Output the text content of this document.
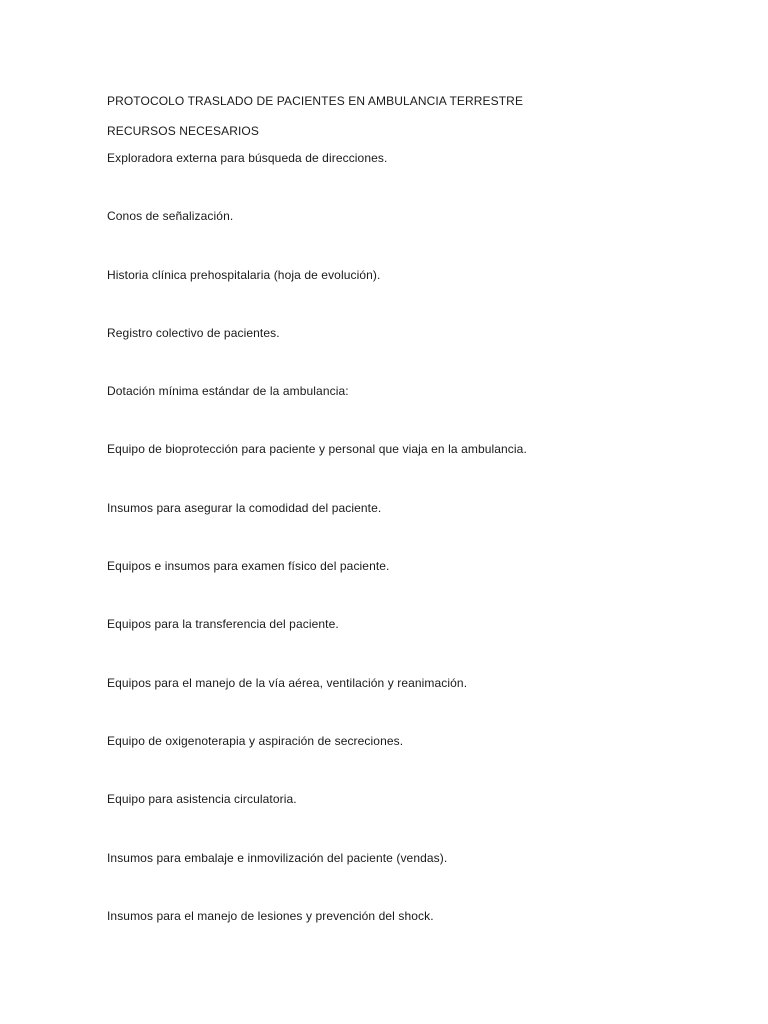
PROTOCOLO TRASLADO DE PACIENTES EN AMBULANCIA TERRESTRE
RECURSOS NECESARIOS
Exploradora externa para búsqueda de direcciones.
Conos de señalización.
Historia clínica prehospitalaria (hoja de evolución).
Registro colectivo de pacientes.
Dotación mínima estándar de la ambulancia:
Equipo de bioprotección para paciente y personal que viaja en la ambulancia.
Insumos para asegurar la comodidad del paciente.
Equipos e insumos para examen físico del paciente.
Equipos para la transferencia del paciente.
Equipos para el manejo de la vía aérea, ventilación y reanimación.
Equipo de oxigenoterapia y aspiración de secreciones.
Equipo para asistencia circulatoria.
Insumos para embalaje e inmovilización del paciente (vendas).
Insumos para el manejo de lesiones y prevención del shock.
